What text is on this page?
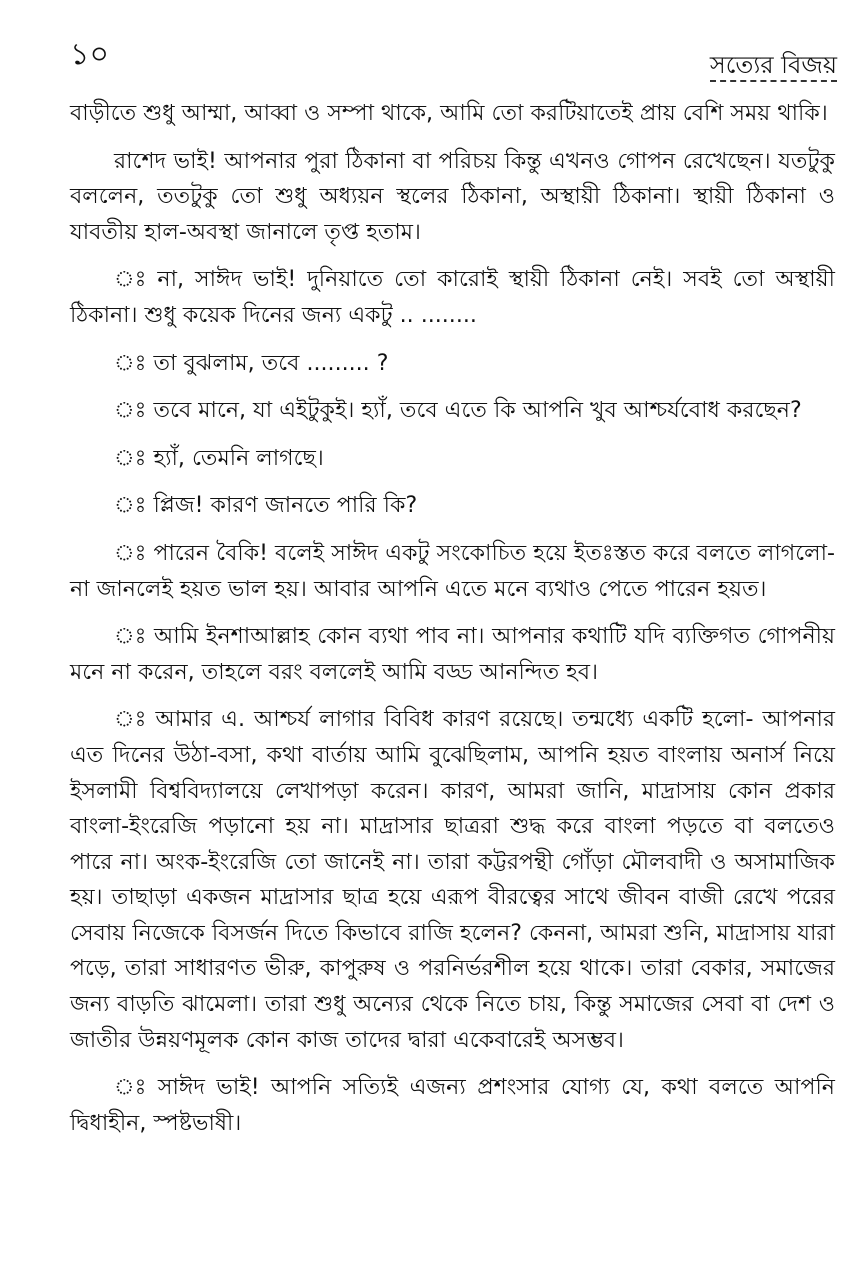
১০	সত্যের বিজয়

বাড়ীতে শুধু আম্মা, আব্বা ও সম্পা থাকে, আমি তো করটিয়াতেই প্রায় বেশি সময় থাকি।

রাশেদ ভাই! আপনার পুরা ঠিকানা বা পরিচয় কিন্তু এখনও গোপন রেখেছেন। যতটুকু বললেন, ততটুকু তো শুধু অধ্যয়ন স্থলের ঠিকানা, অস্থায়ী ঠিকানা। স্থায়ী ঠিকানা ও যাবতীয় হাল-অবস্থা জানালে তৃপ্ত হতাম।

ঃ না, সাঈদ ভাই! দুনিয়াতে তো কারোই স্থায়ী ঠিকানা নেই। সবই তো অস্থায়ী ঠিকানা। শুধু কয়েক দিনের জন্য একটু .. ........

ঃ তা বুঝলাম, তবে ......... ?

ঃ তবে মানে, যা এইটুকুই। হ্যাঁ, তবে এতে কি আপনি খুব আশ্চর্যবোধ করছেন?

ঃ হ্যাঁ, তেমনি লাগছে।

ঃ প্লিজ! কারণ জানতে পারি কি?

ঃ পারেন বৈকি! বলেই সাঈদ একটু সংকোচিত হয়ে ইতঃস্তত করে বলতে লাগলো- না জানলেই হয়ত ভাল হয়। আবার আপনি এতে মনে ব্যথাও পেতে পারেন হয়ত।

ঃ আমি ইনশাআল্লাহ কোন ব্যথা পাব না। আপনার কথাটি যদি ব্যক্তিগত গোপনীয় মনে না করেন, তাহলে বরং বললেই আমি বড্ড আনন্দিত হব।

ঃ আমার এ. আশ্চর্য লাগার বিবিধ কারণ রয়েছে। তন্মধ্যে একটি হলো- আপনার এত দিনের উঠা-বসা, কথা বার্তায় আমি বুঝেছিলাম, আপনি হয়ত বাংলায় অনার্স নিয়ে ইসলামী বিশ্ববিদ্যালয়ে লেখাপড়া করেন। কারণ, আমরা জানি, মাদ্রাসায় কোন প্রকার বাংলা-ইংরেজি পড়ানো হয় না। মাদ্রাসার ছাত্ররা শুদ্ধ করে বাংলা পড়তে বা বলতেও পারে না। অংক-ইংরেজি তো জানেই না। তারা কট্টরপন্থী গোঁড়া মৌলবাদী ও অসামাজিক হয়। তাছাড়া একজন মাদ্রাসার ছাত্র হয়ে এরূপ বীরত্বের সাথে জীবন বাজী রেখে পরের সেবায় নিজেকে বিসর্জন দিতে কিভাবে রাজি হলেন? কেননা, আমরা শুনি, মাদ্রাসায় যারা পড়ে, তারা সাধারণত ভীরু, কাপুরুষ ও পরনির্ভরশীল হয়ে থাকে। তারা বেকার, সমাজের জন্য বাড়তি ঝামেলা। তারা শুধু অন্যের থেকে নিতে চায়, কিন্তু সমাজের সেবা বা দেশ ও জাতীর উন্নয়ণমূলক কোন কাজ তাদের দ্বারা একেবারেই অসম্ভব।

ঃ সাঈদ ভাই! আপনি সত্যিই এজন্য প্রশংসার যোগ্য যে, কথা বলতে আপনি দ্বিধাহীন, স্পষ্টভাষী।
